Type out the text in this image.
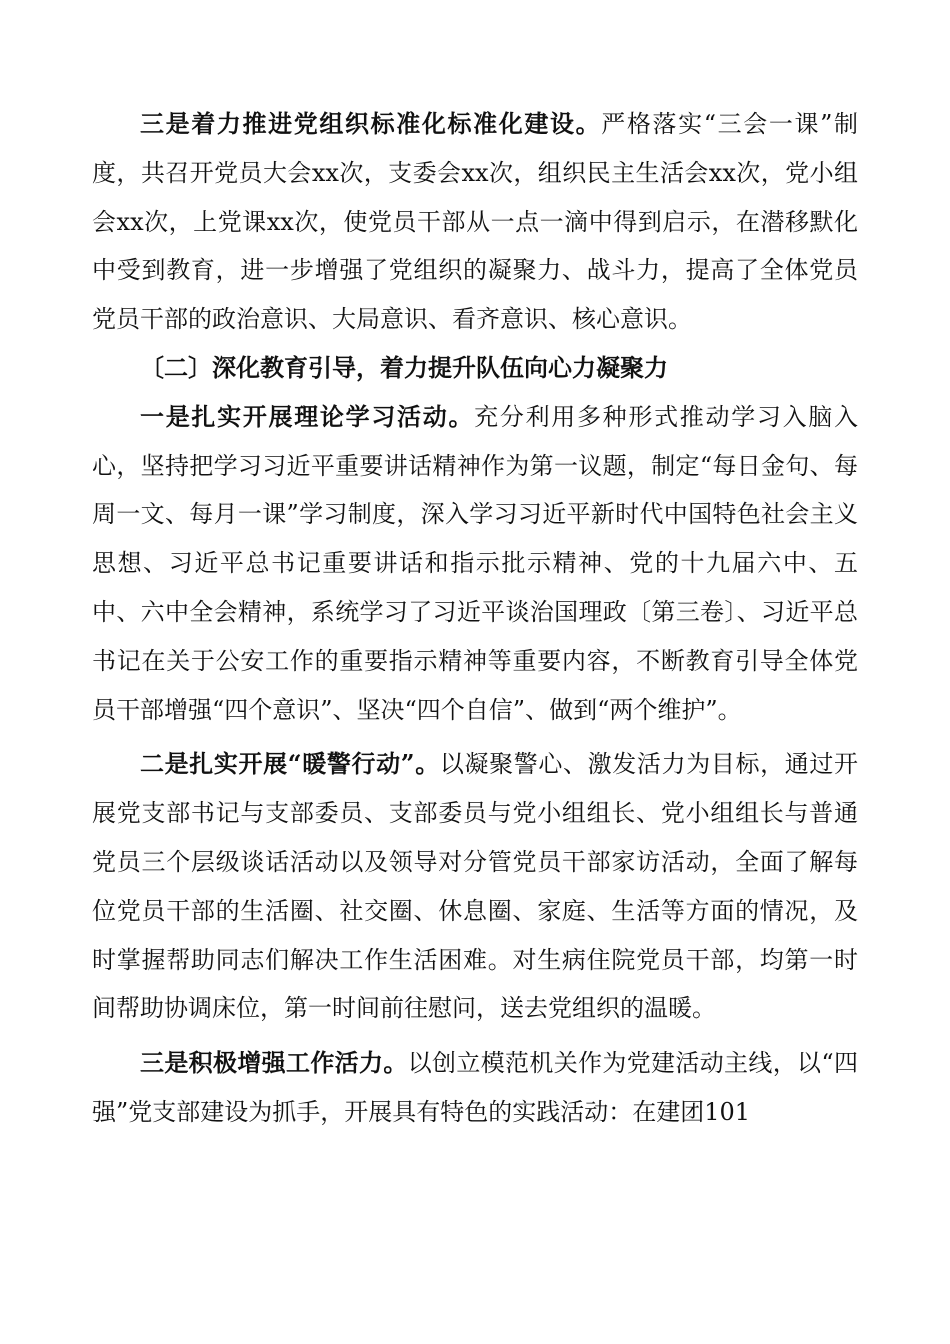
三是着力推进党组织标准化标准化建设。严格落实“三会一课”制度，共召开党员大会xx次，支委会xx次，组织民主生活会xx次，党小组会xx次，上党课xx次，使党员干部从一点一滴中得到启示，在潜移默化中受到教育，进一步增强了党组织的凝聚力、战斗力，提高了全体党员党员干部的政治意识、大局意识、看齐意识、核心意识。

〔二〕深化教育引导，着力提升队伍向心力凝聚力

一是扎实开展理论学习活动。充分利用多种形式推动学习入脑入心，坚持把学习习近平重要讲话精神作为第一议题，制定“每日金句、每周一文、每月一课”学习制度，深入学习习近平新时代中国特色社会主义思想、习近平总书记重要讲话和指示批示精神、党的十九届六中、五中、六中全会精神，系统学习了习近平谈治国理政〔第三卷〕、习近平总书记在关于公安工作的重要指示精神等重要内容，不断教育引导全体党员干部增强“四个意识”、坚决“四个自信”、做到“两个维护”。

二是扎实开展“暖警行动”。以凝聚警心、激发活力为目标，通过开展党支部书记与支部委员、支部委员与党小组组长、党小组组长与普通党员三个层级谈话活动以及领导对分管党员干部家访活动，全面了解每位党员干部的生活圈、社交圈、休息圈、家庭、生活等方面的情况，及时掌握帮助同志们解决工作生活困难。对生病住院党员干部，均第一时间帮助协调床位，第一时间前往慰问，送去党组织的温暖。

三是积极增强工作活力。以创立模范机关作为党建活动主线，以“四强”党支部建设为抓手，开展具有特色的实践活动：在建团101
